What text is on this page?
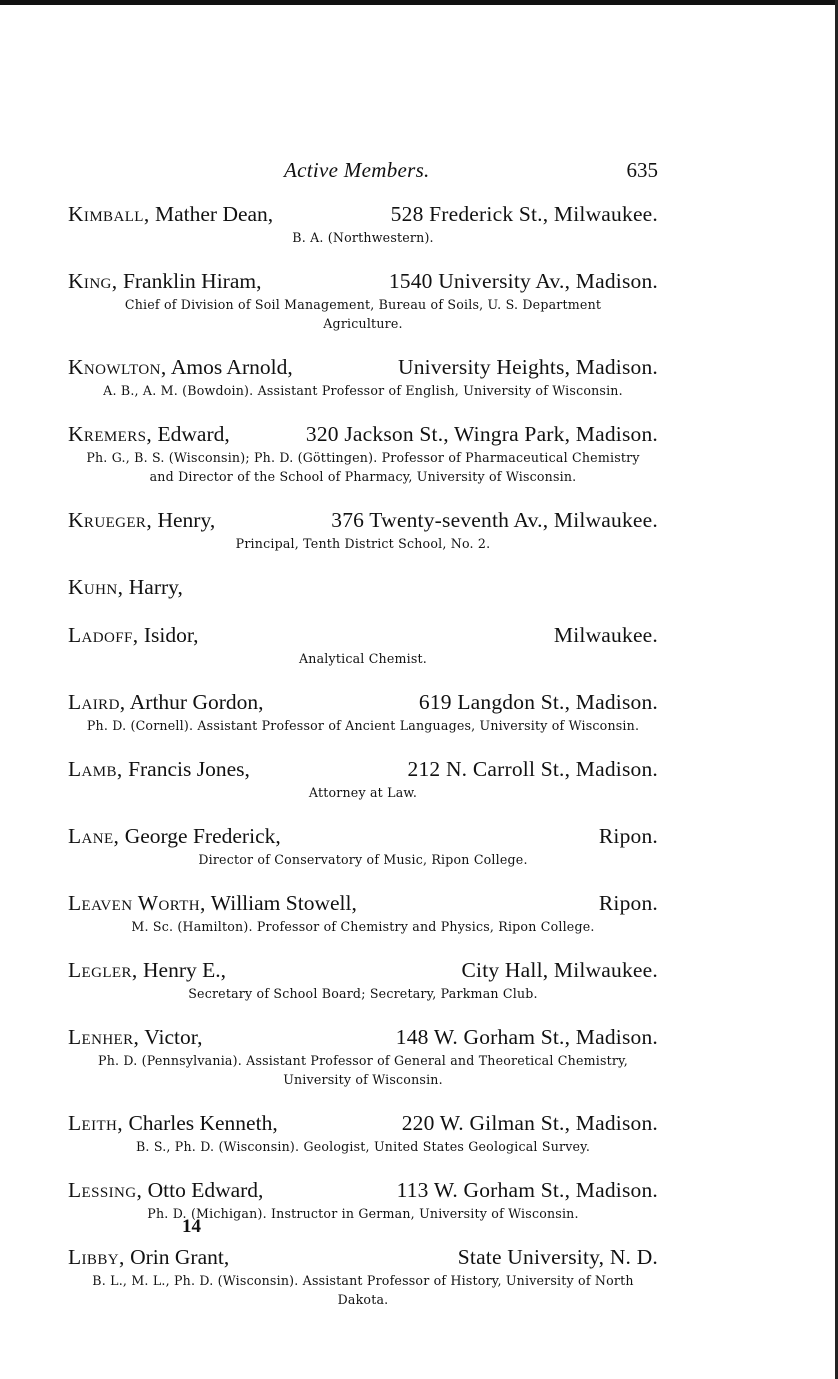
Active Members.	635
Kimball, Mather Dean,	528 Frederick St., Milwaukee.
B. A. (Northwestern).
King, Franklin Hiram,	1540 University Av., Madison.
Chief of Division of Soil Management, Bureau of Soils, U. S. Department Agriculture.
Knowlton, Amos Arnold,	University Heights, Madison.
A. B., A. M. (Bowdoin). Assistant Professor of English, University of Wisconsin.
Kremers, Edward,	320 Jackson St., Wingra Park, Madison.
Ph. G., B. S. (Wisconsin); Ph. D. (Göttingen). Professor of Pharmaceutical Chemistry and Director of the School of Pharmacy, University of Wisconsin.
Krueger, Henry,	376 Twenty-seventh Av., Milwaukee.
Principal, Tenth District School, No. 2.
Kuhn, Harry,
Ladoff, Isidor,	Milwaukee.
Analytical Chemist.
Laird, Arthur Gordon,	619 Langdon St., Madison.
Ph. D. (Cornell). Assistant Professor of Ancient Languages, University of Wisconsin.
Lamb, Francis Jones,	212 N. Carroll St., Madison.
Attorney at Law.
Lane, George Frederick,	Ripon.
Director of Conservatory of Music, Ripon College.
Leaven Worth, William Stowell,	Ripon.
M. Sc. (Hamilton). Professor of Chemistry and Physics, Ripon College.
Legler, Henry E.,	City Hall, Milwaukee.
Secretary of School Board; Secretary, Parkman Club.
Lenher, Victor,	148 W. Gorham St., Madison.
Ph. D. (Pennsylvania). Assistant Professor of General and Theoretical Chemistry, University of Wisconsin.
Leith, Charles Kenneth,	220 W. Gilman St., Madison.
B. S., Ph. D. (Wisconsin). Geologist, United States Geological Survey.
Lessing, Otto Edward,	113 W. Gorham St., Madison.
Ph. D. (Michigan). Instructor in German, University of Wisconsin.
Libby, Orin Grant,	State University, N. D.
B. L., M. L., Ph. D. (Wisconsin). Assistant Professor of History, University of North Dakota.
14
